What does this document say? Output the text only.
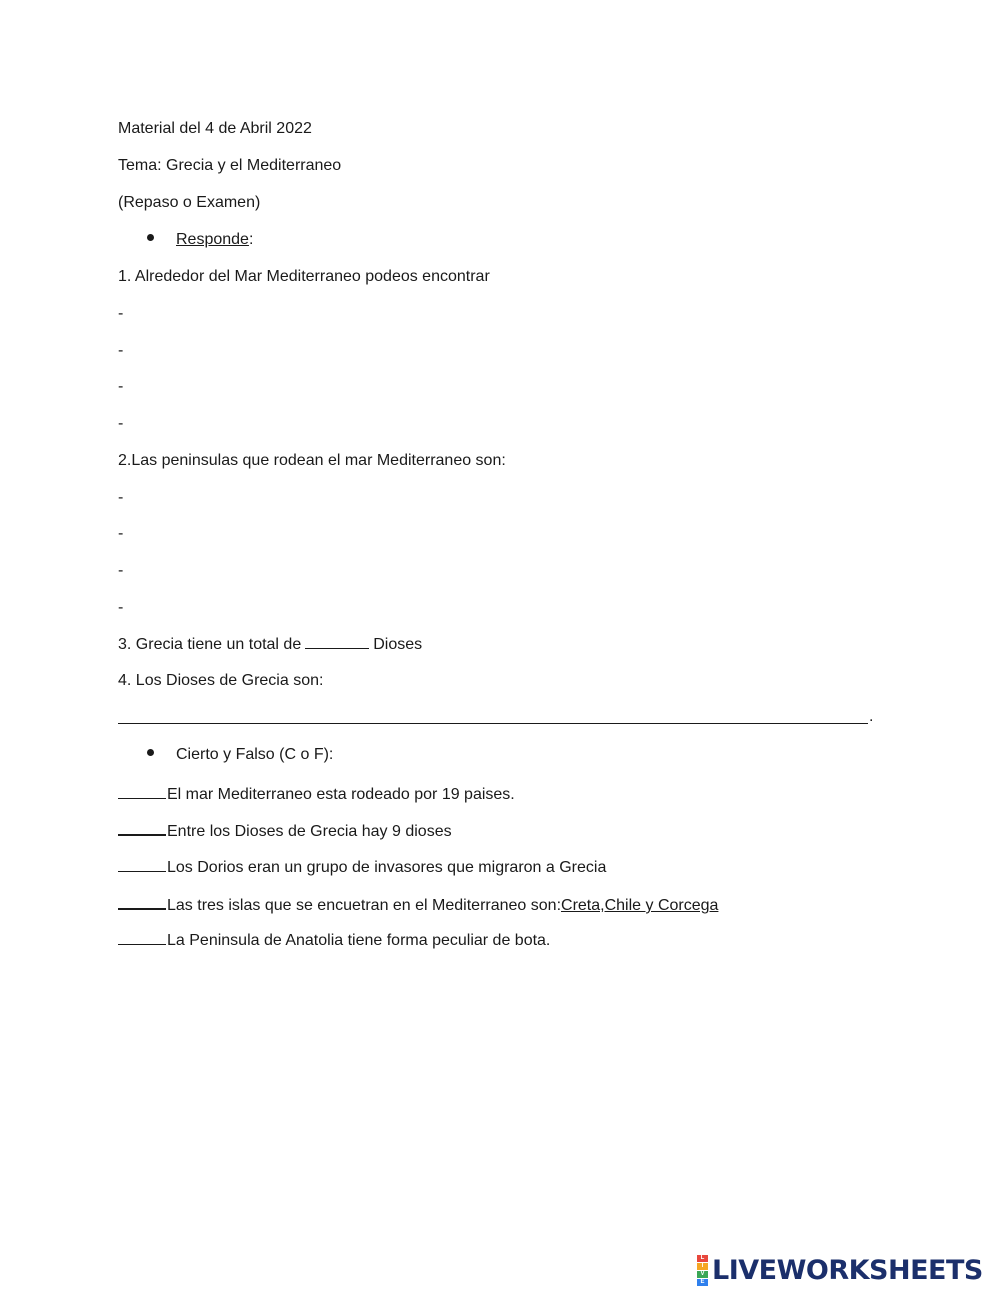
Material del 4 de Abril 2022
Tema: Grecia y el Mediterraneo
(Repaso o Examen)
Responde:
1. Alrededor del Mar Mediterraneo podeos encontrar
-
-
-
-
2.Las peninsulas que rodean el mar Mediterraneo son:
-
-
-
-
3. Grecia tiene un total de	Dioses
4. Los Dioses de Grecia son:
.
Cierto y Falso (C o F):
El mar Mediterraneo esta rodeado por 19 paises.
Entre los Dioses de Grecia hay 9 dioses
Los Dorios eran un grupo de invasores que migraron a Grecia
Las tres islas que se encuetran en el Mediterraneo son:Creta,Chile y Corcega
La Peninsula de Anatolia tiene forma peculiar de bota.
L
I
V
E LIVEWORKSHEETS
